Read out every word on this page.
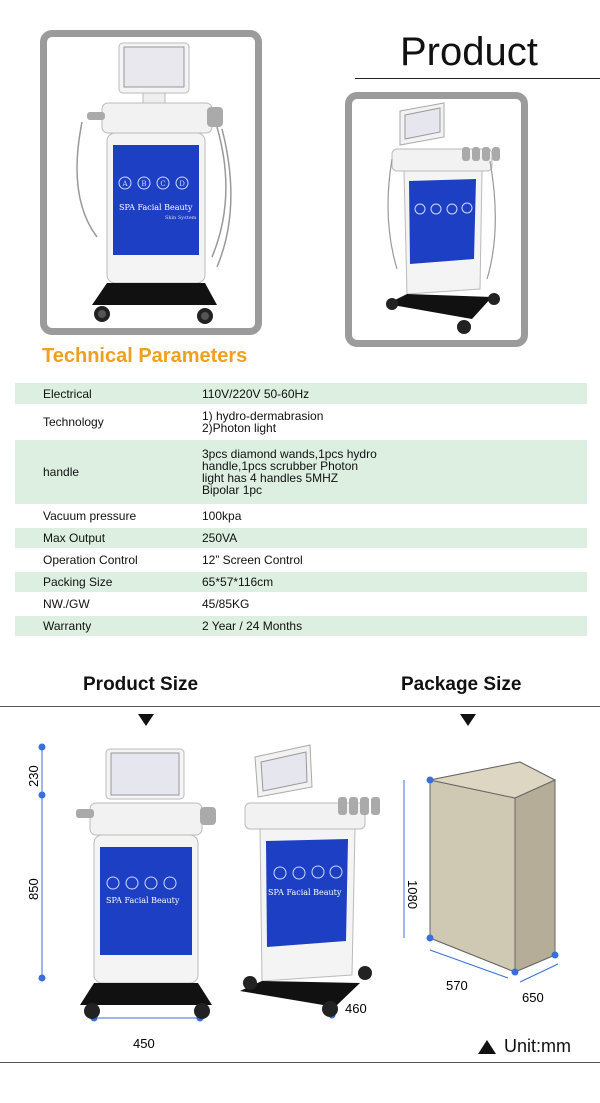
Product
A B C D
SPA Facial Beauty
Skin System
Technical Parameters
Electrical	110V/220V 50-60Hz
Technology	1) hydro-dermabrasion
2)Photon light
handle	3pcs diamond wands,1pcs hydro handle,1pcs scrubber Photon light has 4 handles 5MHZ Bipolar 1pc
Vacuum pressure	100kpa
Max Output	250VA
Operation Control	12” Screen Control
Packing Size	65*57*116cm
NW./GW	45/85KG
Warranty	2 Year / 24 Months
Product Size	Package Size
230
850
450
460
SPA Facial Beauty
SPA Facial Beauty	1080
570
650
Unit:mm
